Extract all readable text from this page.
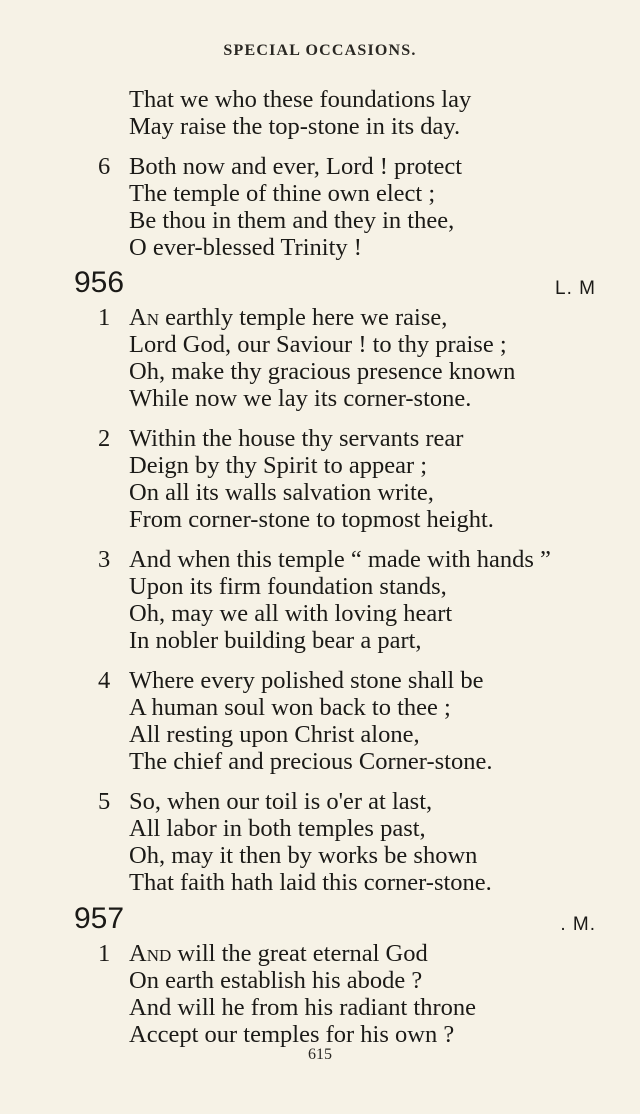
SPECIAL OCCASIONS.
That we who these foundations lay
May raise the top-stone in its day.
6 Both now and ever, Lord ! protect
The temple of thine own elect ;
Be thou in them and they in thee,
O ever-blessed Trinity !
956	L. M
1 An earthly temple here we raise,
Lord God, our Saviour ! to thy praise ;
Oh, make thy gracious presence known
While now we lay its corner-stone.
2 Within the house thy servants rear
Deign by thy Spirit to appear ;
On all its walls salvation write,
From corner-stone to topmost height.
3 And when this temple “ made with hands ”
Upon its firm foundation stands,
Oh, may we all with loving heart
In nobler building bear a part,
4 Where every polished stone shall be
A human soul won back to thee ;
All resting upon Christ alone,
The chief and precious Corner-stone.
5 So, when our toil is o'er at last,
All labor in both temples past,
Oh, may it then by works be shown
That faith hath laid this corner-stone.
957	. M.
1 And will the great eternal God
On earth establish his abode ?
And will he from his radiant throne
Accept our temples for his own ?
615
